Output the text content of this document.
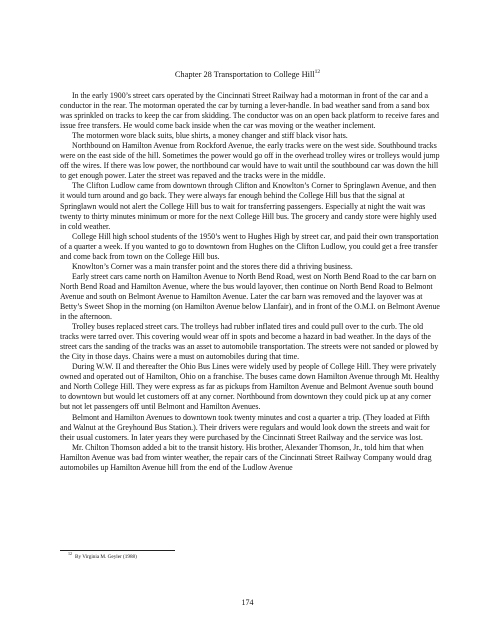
Chapter 28 Transportation to College Hill$^{12}$

In the early 1900’s street cars operated by the Cincinnati Street Railway had a motorman in front of the car and a conductor in the rear. The motorman operated the car by turning a lever-handle. In bad weather sand from a sand box was sprinkled on tracks to keep the car from skidding. The conductor was on an open back platform to receive fares and issue free transfers. He would come back inside when the car was moving or the weather inclement.

The motormen wore black suits, blue shirts, a money changer and stiff black visor hats.

Northbound on Hamilton Avenue from Rockford Avenue, the early tracks were on the west side. Southbound tracks were on the east side of the hill. Sometimes the power would go off in the overhead trolley wires or trolleys would jump off the wires. If there was low power, the northbound car would have to wait until the southbound car was down the hill to get enough power. Later the street was repaved and the tracks were in the middle.

The Clifton Ludlow came from downtown through Clifton and Knowlton’s Corner to Springlawn Avenue, and then it would turn around and go back. They were always far enough behind the College Hill bus that the signal at Springlawn would not alert the College Hill bus to wait for transferring passengers. Especially at night the wait was twenty to thirty minutes minimum or more for the next College Hill bus. The grocery and candy store were highly used in cold weather.

College Hill high school students of the 1950’s went to Hughes High by street car, and paid their own transportation of a quarter a week. If you wanted to go to downtown from Hughes on the Clifton Ludlow, you could get a free transfer and come back from town on the College Hill bus.

Knowlton’s Corner was a main transfer point and the stores there did a thriving business.

Early street cars came north on Hamilton Avenue to North Bend Road, west on North Bend Road to the car barn on North Bend Road and Hamilton Avenue, where the bus would layover, then continue on North Bend Road to Belmont Avenue and south on Belmont Avenue to Hamilton Avenue. Later the car barn was removed and the layover was at Betty’s Sweet Shop in the morning (on Hamilton Avenue below Llanfair), and in front of the O.M.I. on Belmont Avenue in the afternoon.

Trolley buses replaced street cars. The trolleys had rubber inflated tires and could pull over to the curb. The old tracks were tarred over. This covering would wear off in spots and become a hazard in bad weather. In the days of the street cars the sanding of the tracks was an asset to automobile transportation. The streets were not sanded or plowed by the City in those days. Chains were a must on automobiles during that time.

During W.W. II and thereafter the Ohio Bus Lines were widely used by people of College Hill. They were privately owned and operated out of Hamilton, Ohio on a franchise. The buses came down Hamilton Avenue through Mt. Healthy and North College Hill. They were express as far as pickups from Hamilton Avenue and Belmont Avenue south bound to downtown but would let customers off at any corner. Northbound from downtown they could pick up at any corner but not let passengers off until Belmont and Hamilton Avenues.

Belmont and Hamilton Avenues to downtown took twenty minutes and cost a quarter a trip. (They loaded at Fifth and Walnut at the Greyhound Bus Station.). Their drivers were regulars and would look down the streets and wait for their usual customers. In later years they were purchased by the Cincinnati Street Railway and the service was lost.

Mr. Chilton Thomson added a bit to the transit history. His brother, Alexander Thomson, Jr., told him that when Hamilton Avenue was bad from winter weather, the repair cars of the Cincinnati Street Railway Company would drag automobiles up Hamilton Avenue hill from the end of the Ludlow Avenue

$^{12}$By Virginia M. Geyler (1988)
174
